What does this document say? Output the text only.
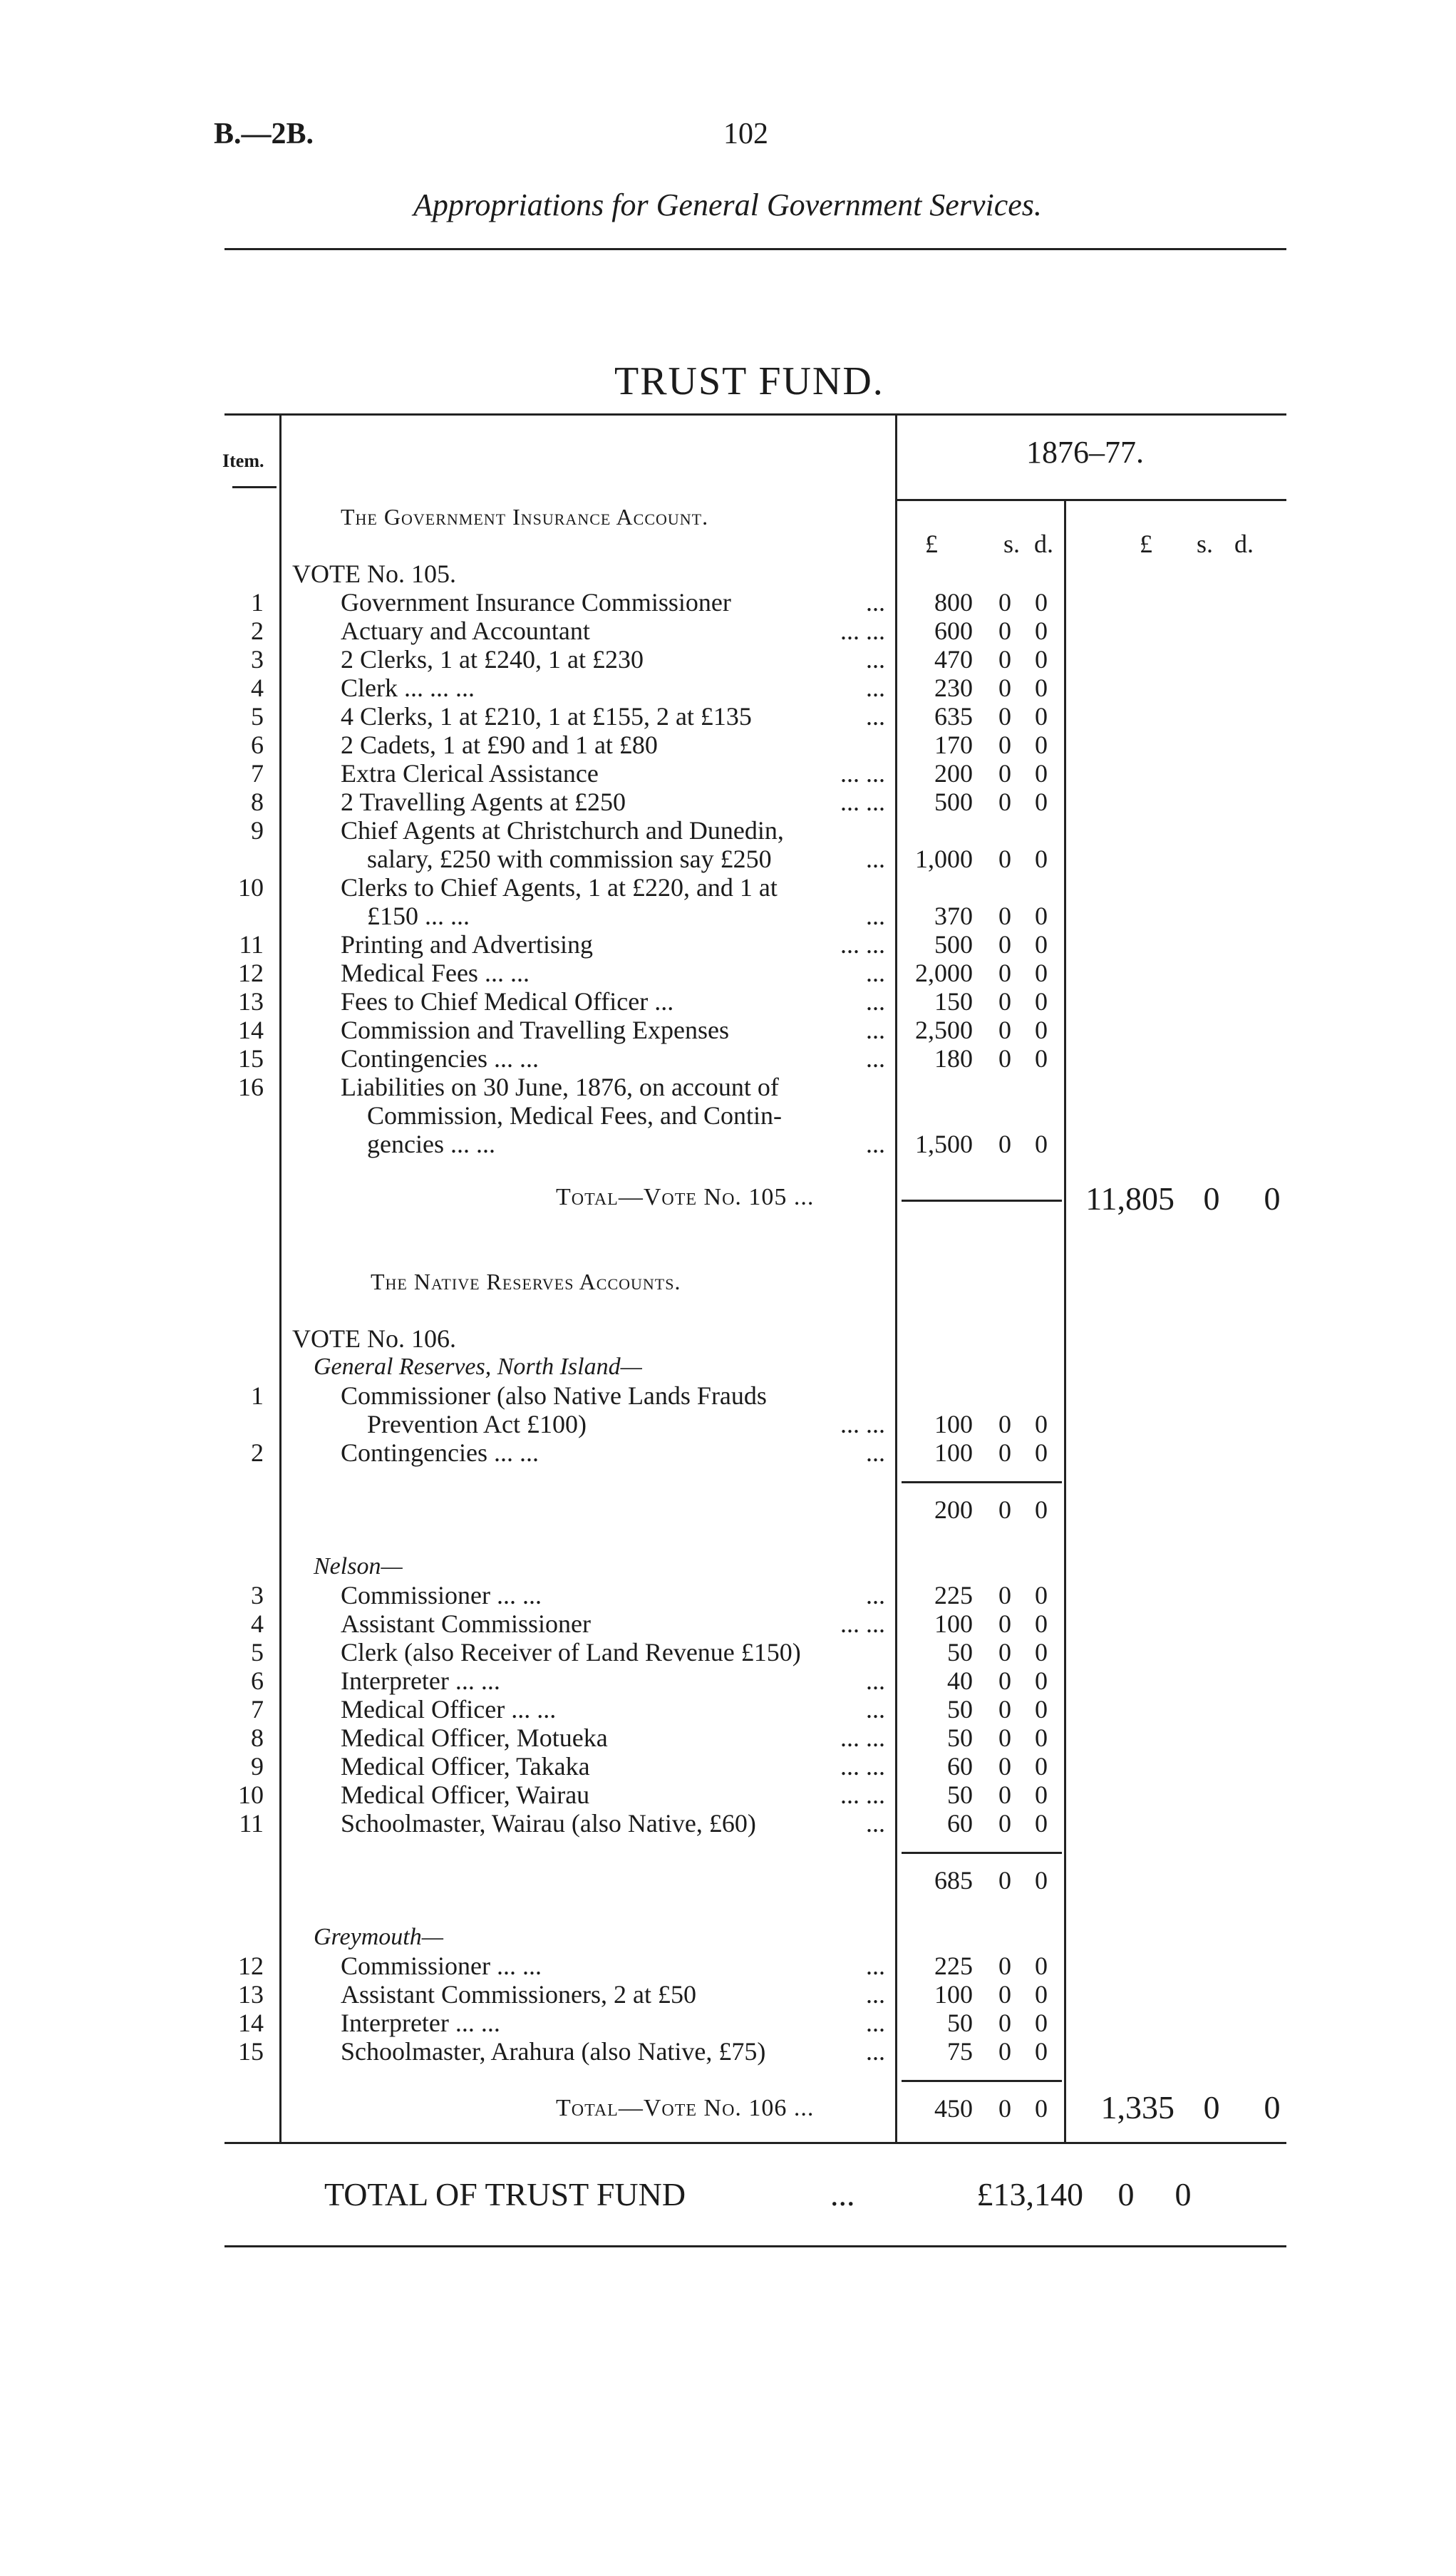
B.—2B.	102
Appropriations for General Government Services.
TRUST FUND.
Item.	1876–77.
£	s. d.	£ s. d.
The Government Insurance Account.
VOTE No. 105.
1	Government Insurance Commissioner	...	800 0 0
2	Actuary and Accountant	... ...	600 0 0
3	2 Clerks, 1 at £240, 1 at £230	...	470 0 0
4	Clerk ... ... ...	...	230 0 0
5	4 Clerks, 1 at £210, 1 at £155, 2 at £135	...	635 0 0
6	2 Cadets, 1 at £90 and 1 at £80	170 0 0
7	Extra Clerical Assistance	... ...	200 0 0
8	2 Travelling Agents at £250	... ...	500 0 0
9	Chief Agents at Christchurch and Dunedin,
salary, £250 with commission say £250	...	1,000 0 0
10	Clerks to Chief Agents, 1 at £220, and 1 at
£150 ... ...	...	370 0 0
11	Printing and Advertising	... ...	500 0 0
12	Medical Fees ... ...	...	2,000 0 0
13	Fees to Chief Medical Officer ...	...	150 0 0
14	Commission and Travelling Expenses	...	2,500 0 0
15	Contingencies ... ...	...	180 0 0
16	Liabilities on 30 June, 1876, on account of
Commission, Medical Fees, and Contin-
gencies ... ...	...	1,500 0 0
Total—Vote No. 105 ...	11,805 0 0
The Native Reserves Accounts.
VOTE No. 106.
General Reserves, North Island—
1	Commissioner (also Native Lands Frauds
Prevention Act £100)	... ...	100 0 0
2	Contingencies ... ...	...	100 0 0
200 0 0
Nelson—
3	Commissioner ... ...	...	225 0 0
4	Assistant Commissioner	... ...	100 0 0
5	Clerk (also Receiver of Land Revenue £150)	50 0 0
6	Interpreter ... ...	...	40 0 0
7	Medical Officer ... ...	...	50 0 0
8	Medical Officer, Motueka	... ...	50 0 0
9	Medical Officer, Takaka	... ...	60 0 0
10	Medical Officer, Wairau	... ...	50 0 0
11	Schoolmaster, Wairau (also Native, £60)	...	60 0 0
685 0 0
Greymouth—
12	Commissioner ... ...	...	225 0 0
13	Assistant Commissioners, 2 at £50	...	100 0 0
14	Interpreter ... ...	...	50 0 0
15	Schoolmaster, Arahura (also Native, £75)	...	75 0 0
Total—Vote No. 106 ...	450 0 0	1,335 0 0
TOTAL OF TRUST FUND	...	£13,140 0 0
